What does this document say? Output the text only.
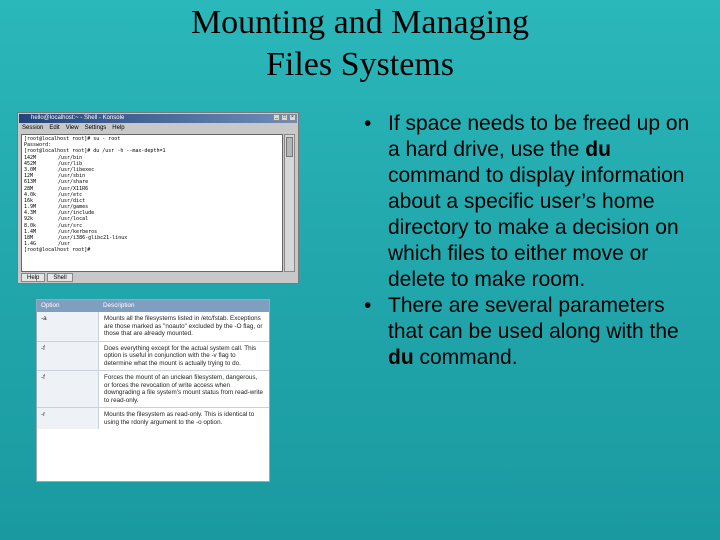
Mounting and Managing
Files Systems
hello@localhost:~ - Shell - Konsole	_	□	×
Session Edit View Settings Help
[root@localhost root]# su - root
Password:
[root@localhost root]# du /usr -h --max-depth=1
142M	/usr/bin
452M	/usr/lib
3.0M	/usr/libexec
12M	/usr/sbin
613M	/usr/share
28M	/usr/X11R6
4.0k	/usr/etc
16k	/usr/dict
1.9M	/usr/games
4.3M	/usr/include
92k	/usr/local
8.0k	/usr/src
1.4M	/usr/kerberos
18M	/usr/i386-glibc21-linux
1.4G	/usr
[root@localhost root]#
Help	Shell
Option	Description
-a	Mounts all the filesystems listed in /etc/fstab. Exceptions are those marked as "noauto" excluded by the -O flag, or those that are already mounted.
-f	Does everything except for the actual system call. This option is useful in conjunction with the -v flag to determine what the mount is actually trying to do.
-f	Forces the mount of an unclean filesystem, dangerous, or forces the revocation of write access when downgrading a file system's mount status from read-write to read-only.
-r	Mounts the filesystem as read-only. This is identical to using the rdonly argument to the -o option.
• If space needs to be freed up on a hard drive, use the du command to display information about a specific user’s home directory to make a decision on which files to either move or delete to make room.
• There are several parameters that can be used along with the du command.
